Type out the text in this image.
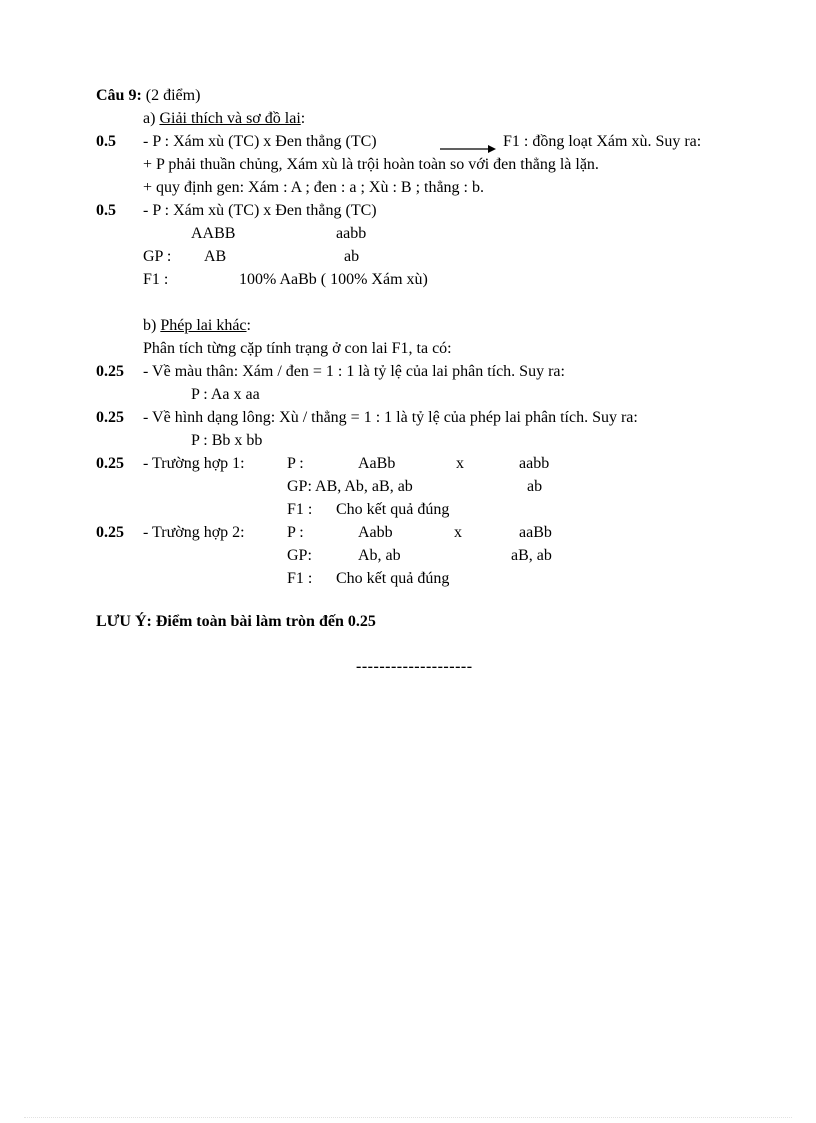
Câu 9: (2 điểm)
a) Giải thích và sơ đồ lai:
0.5 - P : Xám xù (TC) x Đen thẳng (TC)	F1 : đồng loạt Xám xù. Suy ra:
+ P phải thuần chủng, Xám xù là trội hoàn toàn so với đen thẳng là lặn.
+ quy định gen: Xám : A ; đen : a ; Xù : B ; thẳng : b.
0.5 - P : Xám xù (TC) x Đen thẳng (TC)
AABB	aabb
GP : AB	ab
F1 :	100% AaBb ( 100% Xám xù)
b) Phép lai khác:
Phân tích từng cặp tính trạng ở con lai F1, ta có:
0.25 - Về màu thân: Xám / đen = 1 : 1 là tỷ lệ của lai phân tích. Suy ra:
P : Aa x aa
0.25 - Về hình dạng lông: Xù / thẳng = 1 : 1 là tỷ lệ của phép lai phân tích. Suy ra:
P : Bb x bb
0.25 - Trường hợp 1:	P :	AaBb	x	aabb
GP: AB, Ab, aB, ab	ab
F1 : Cho kết quả đúng
0.25 - Trường hợp 2:	P :	Aabb	x	aaBb
GP:	Ab, ab	aB, ab
F1 : Cho kết quả đúng
LƯU Ý: Điểm toàn bài làm tròn đến 0.25
--------------------
